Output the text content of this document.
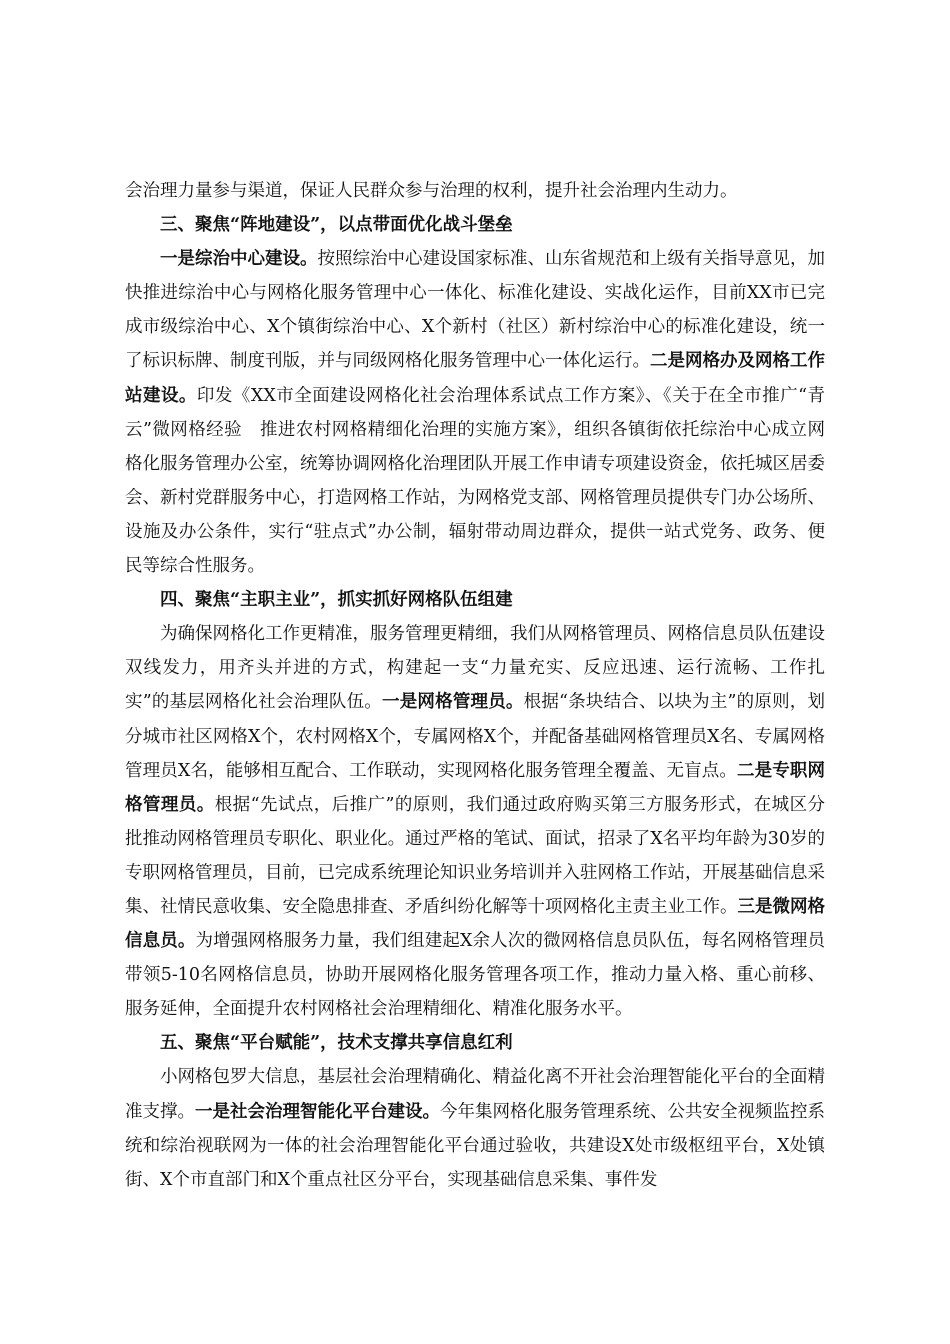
会治理力量参与渠道，保证人民群众参与治理的权利，提升社会治理内生动力。

三、聚焦“阵地建设”，以点带面优化战斗堡垒

一是综治中心建设。按照综治中心建设国家标准、山东省规范和上级有关指导意见，加快推进综治中心与网格化服务管理中心一体化、标准化建设、实战化运作，目前XX市已完成市级综治中心、X个镇街综治中心、X个新村（社区）新村综治中心的标准化建设，统一了标识标牌、制度刊版，并与同级网格化服务管理中心一体化运行。二是网格办及网格工作站建设。印发《XX市全面建设网格化社会治理体系试点工作方案》、《关于在全市推广“青云”微网格经验　推进农村网格精细化治理的实施方案》，组织各镇街依托综治中心成立网格化服务管理办公室，统筹协调网格化治理团队开展工作申请专项建设资金，依托城区居委会、新村党群服务中心，打造网格工作站，为网格党支部、网格管理员提供专门办公场所、设施及办公条件，实行“驻点式”办公制，辐射带动周边群众，提供一站式党务、政务、便民等综合性服务。

四、聚焦“主职主业”，抓实抓好网格队伍组建

为确保网格化工作更精准，服务管理更精细，我们从网格管理员、网格信息员队伍建设双线发力，用齐头并进的方式，构建起一支“力量充实、反应迅速、运行流畅、工作扎实”的基层网格化社会治理队伍。一是网格管理员。根据“条块结合、以块为主”的原则，划分城市社区网格X个，农村网格X个，专属网格X个，并配备基础网格管理员X名、专属网格管理员X名，能够相互配合、工作联动，实现网格化服务管理全覆盖、无盲点。二是专职网格管理员。根据“先试点，后推广”的原则，我们通过政府购买第三方服务形式，在城区分批推动网格管理员专职化、职业化。通过严格的笔试、面试，招录了X名平均年龄为30岁的专职网格管理员，目前，已完成系统理论知识业务培训并入驻网格工作站，开展基础信息采集、社情民意收集、安全隐患排查、矛盾纠纷化解等十项网格化主责主业工作。三是微网格信息员。为增强网格服务力量，我们组建起X余人次的微网格信息员队伍，每名网格管理员带领5-10名网格信息员，协助开展网格化服务管理各项工作，推动力量入格、重心前移、服务延伸，全面提升农村网格社会治理精细化、精准化服务水平。

五、聚焦“平台赋能”，技术支撑共享信息红利

小网格包罗大信息，基层社会治理精确化、精益化离不开社会治理智能化平台的全面精准支撑。一是社会治理智能化平台建设。今年集网格化服务管理系统、公共安全视频监控系统和综治视联网为一体的社会治理智能化平台通过验收，共建设X处市级枢纽平台，X处镇街、X个市直部门和X个重点社区分平台，实现基础信息采集、事件发
